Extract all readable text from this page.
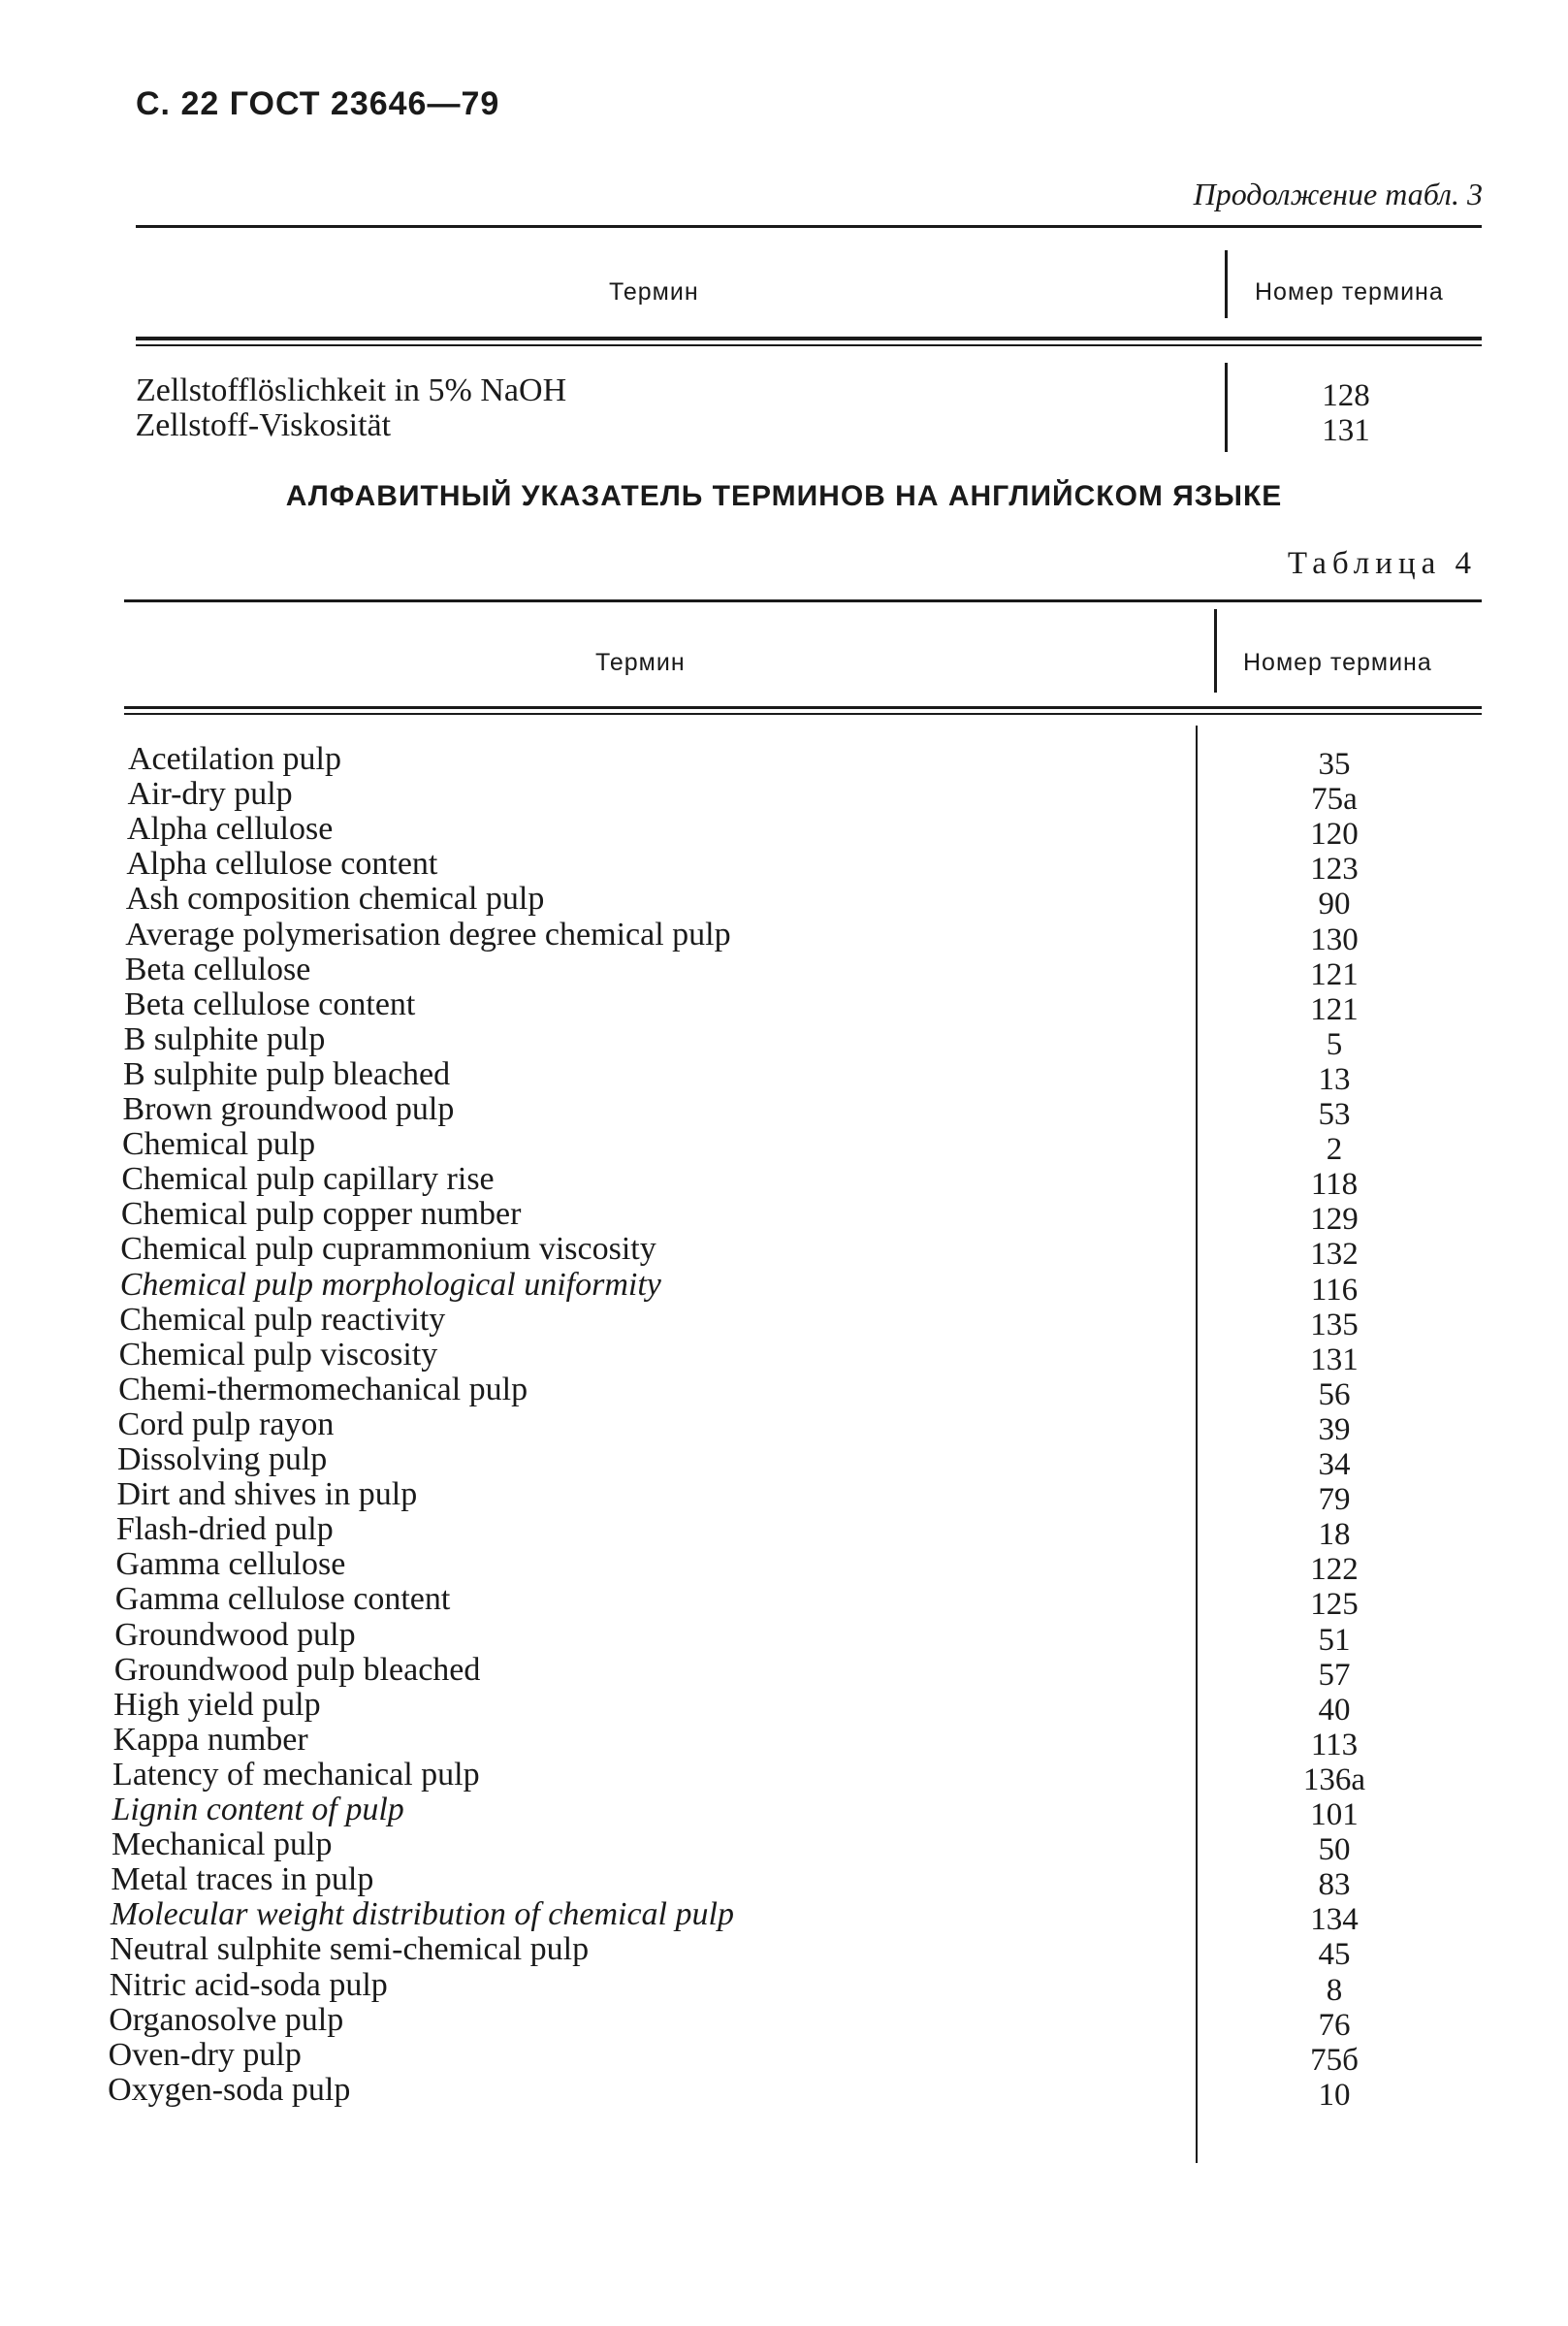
С. 22 ГОСТ 23646—79
Продолжение табл. 3
Термин	Номер термина
Zellstofflöslichkeit in 5% NaOH	128
Zellstoff-Viskosität	131
АЛФАВИТНЫЙ УКАЗАТЕЛЬ ТЕРМИНОВ НА АНГЛИЙСКОМ ЯЗЫКЕ
Таблица 4
Термин	Номер термина
Acetilation pulp	35
Air-dry pulp	75a
Alpha cellulose	120
Alpha cellulose content	123
Ash composition chemical pulp	90
Average polymerisation degree chemical pulp	130
Beta cellulose	121
Beta cellulose content	121
B sulphite pulp	5
B sulphite pulp bleached	13
Brown groundwood pulp	53
Chemical pulp	2
Chemical pulp capillary rise	118
Chemical pulp copper number	129
Chemical pulp cuprammonium viscosity	132
Chemical pulp morphological uniformity	116
Chemical pulp reactivity	135
Chemical pulp viscosity	131
Chemi-thermomechanical pulp	56
Cord pulp rayon	39
Dissolving pulp	34
Dirt and shives in pulp	79
Flash-dried pulp	18
Gamma cellulose	122
Gamma cellulose content	125
Groundwood pulp	51
Groundwood pulp bleached	57
High yield pulp	40
Kappa number	113
Latency of mechanical pulp	136a
Lignin content of pulp	101
Mechanical pulp	50
Metal traces in pulp	83
Molecular weight distribution of chemical pulp	134
Neutral sulphite semi-chemical pulp	45
Nitric acid-soda pulp	8
Organosolve pulp	76
Oven-dry pulp	75б
Oxygen-soda pulp	10
